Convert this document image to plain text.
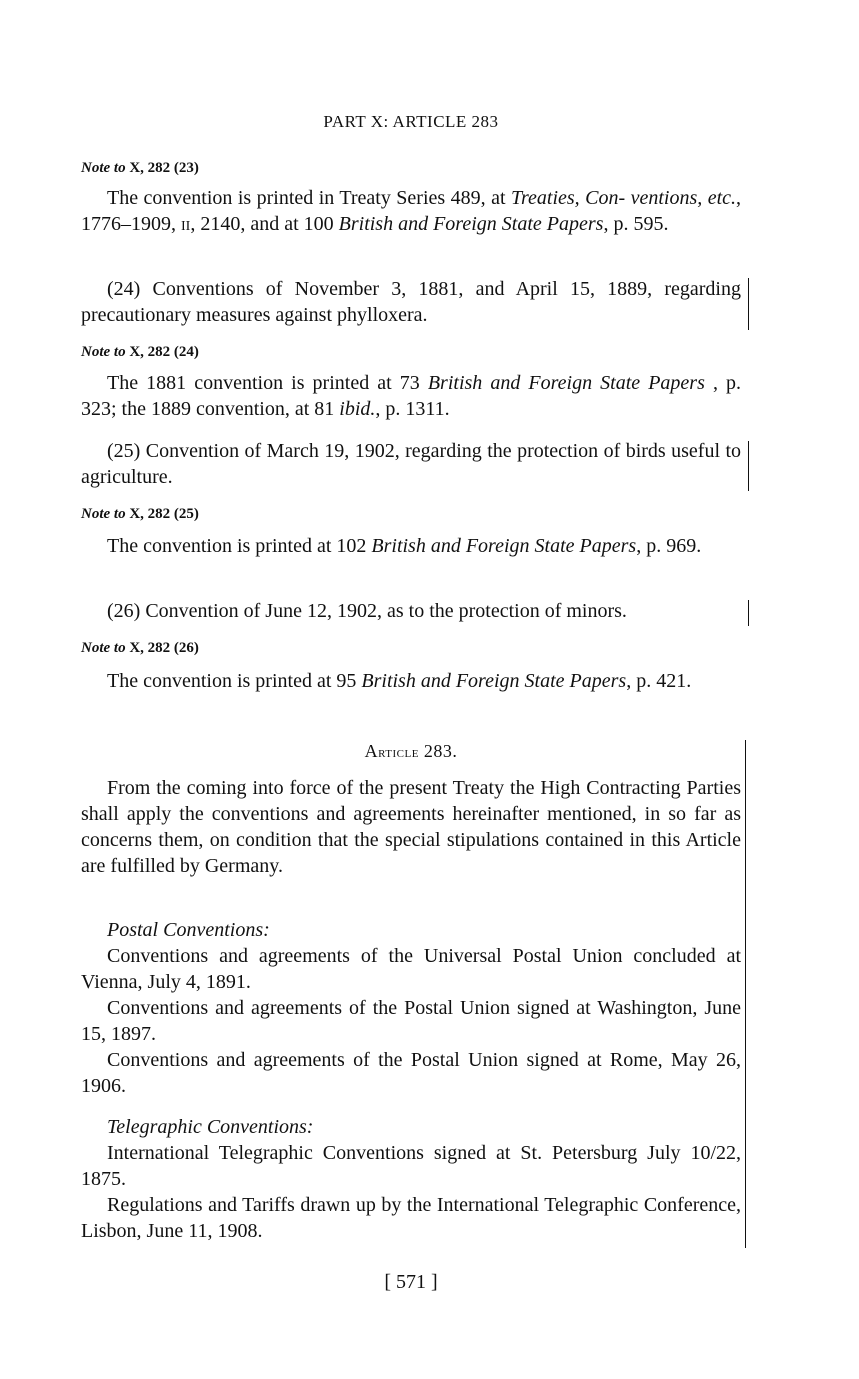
PART X: ARTICLE 283
Note to X, 282 (23)

The convention is printed in Treaty Series 489, at Treaties, Con- ventions, etc., 1776–1909, ii, 2140, and at 100 British and Foreign State Papers, p. 595.

(24) Conventions of November 3, 1881, and April 15, 1889, regarding precautionary measures against phylloxera.

Note to X, 282 (24)

The 1881 convention is printed at 73 British and Foreign State Papers , p. 323; the 1889 convention, at 81 ibid., p. 1311.

(25) Convention of March 19, 1902, regarding the protection of birds useful to agriculture.

Note to X, 282 (25)

The convention is printed at 102 British and Foreign State Papers, p. 969.

(26) Convention of June 12, 1902, as to the protection of minors.

Note to X, 282 (26)

The convention is printed at 95 British and Foreign State Papers, p. 421.

Article 283.

From the coming into force of the present Treaty the High Contracting Parties shall apply the conventions and agreements hereinafter mentioned, in so far as concerns them, on condition that the special stipulations contained in this Article are fulfilled by Germany.

Postal Conventions:

Conventions and agreements of the Universal Postal Union concluded at Vienna, July 4, 1891.

Conventions and agreements of the Postal Union signed at Washington, June 15, 1897.

Conventions and agreements of the Postal Union signed at Rome, May 26, 1906.

Telegraphic Conventions:

International Telegraphic Conventions signed at St. Petersburg July 10/22, 1875.

Regulations and Tariffs drawn up by the International Telegraphic Conference, Lisbon, June 11, 1908.

[ 571 ]
